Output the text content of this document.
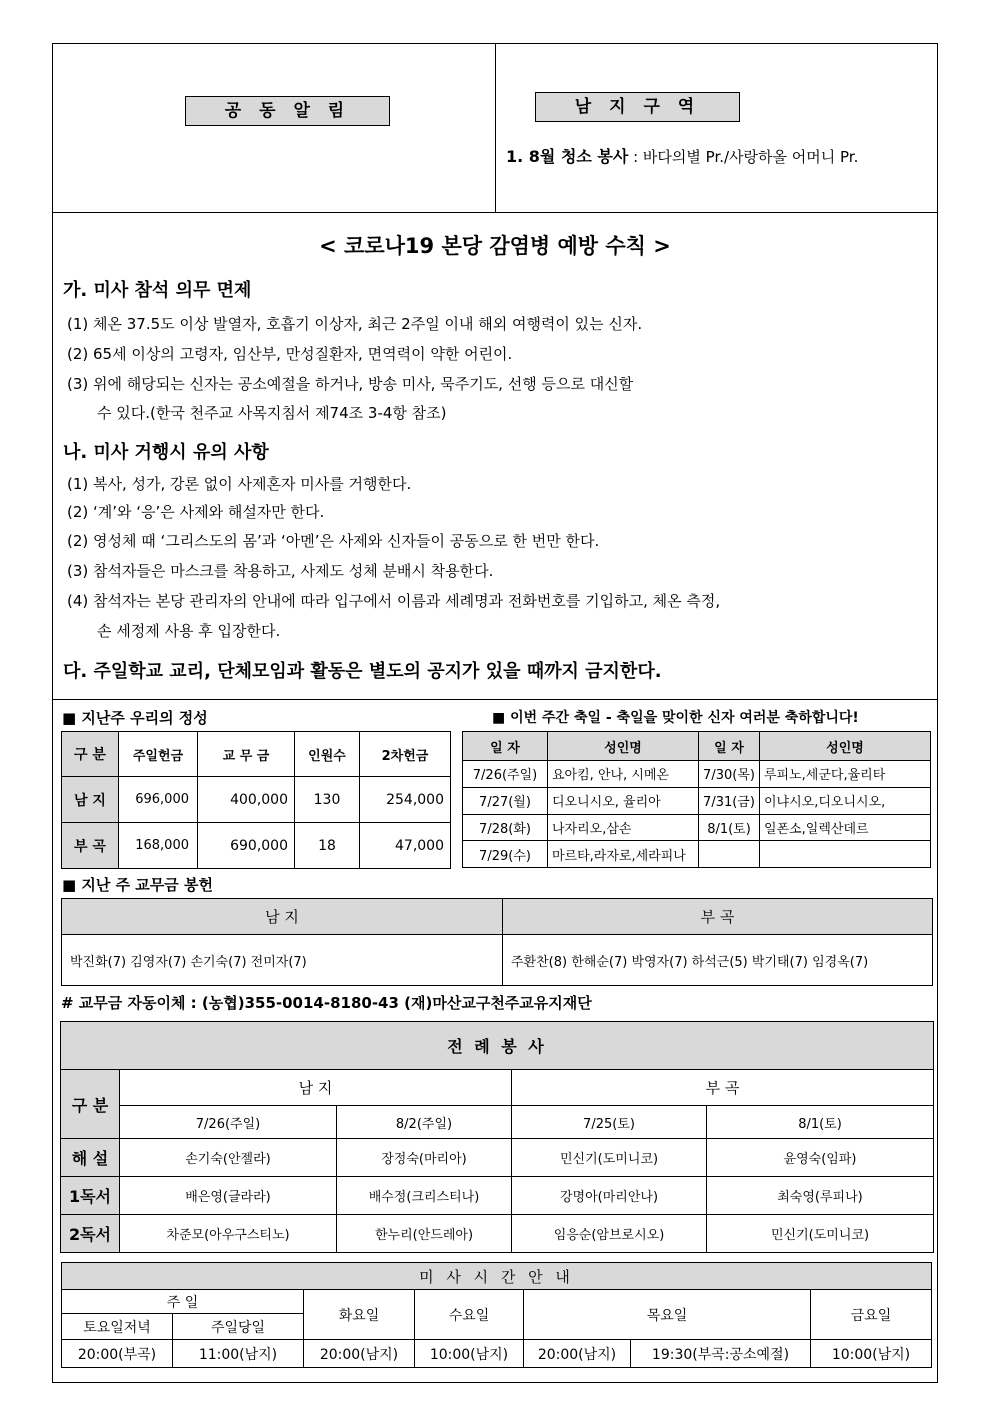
공 동 알 림	남 지 구 역
1. 8월 청소 봉사 : 바다의별 Pr./사랑하올 어머니 Pr.
< 코로나19 본당 감염병 예방 수칙 >
가. 미사 참석 의무 면제
(1) 체온 37.5도 이상 발열자, 호흡기 이상자, 최근 2주일 이내 해외 여행력이 있는 신자.
(2) 65세 이상의 고령자, 임산부, 만성질환자, 면역력이 약한 어린이.
(3) 위에 해당되는 신자는 공소예절을 하거나, 방송 미사, 묵주기도, 선행 등으로 대신할
수 있다.(한국 천주교 사목지침서 제74조 3-4항 참조)
나. 미사 거행시 유의 사항
(1) 복사, 성가, 강론 없이 사제혼자 미사를 거행한다.
(2) ‘계’와 ‘응’은 사제와 해설자만 한다.
(2) 영성체 때 ‘그리스도의 몸’과 ‘아멘’은 사제와 신자들이 공동으로 한 번만 한다.
(3) 참석자들은 마스크를 착용하고, 사제도 성체 분배시 착용한다.
(4) 참석자는 본당 관리자의 안내에 따라 입구에서 이름과 세례명과 전화번호를 기입하고, 체온 측정,
손 세정제 사용 후 입장한다.
다. 주일학교 교리, 단체모임과 활동은 별도의 공지가 있을 때까지 금지한다.
■ 지난주 우리의 정성
구 분	주일헌금	교 무 금	인원수	2차헌금
남 지	696,000	400,000	130	254,000
부 곡	168,000	690,000	18	47,000
■ 이번 주간 축일 - 축일을 맞이한 신자 여러분 축하합니다!
일 자	성인명	일 자	성인명
7/26(주일)	요아킴, 안나, 시메온	7/30(목)	루피노,세군다,율리타
7/27(월)	디오니시오, 율리아	7/31(금)	이냐시오,디오니시오,
7/28(화)	나자리오,삼손	8/1(토)	일폰소,일렉산데르
7/29(수)	마르타,라자로,세라피나		
■ 지난 주 교무금 봉헌
남 지	부 곡
박진화(7) 김영자(7) 손기숙(7) 전미자(7)	주환찬(8) 한해순(7) 박영자(7) 하석근(5) 박기태(7) 임경옥(7)
# 교무금 자동이체 : (농협)355-0014-8180-43 (재)마산교구천주교유지재단
전 례 봉 사				
구 분	남 지		부 곡	
	7/26(주일)	8/2(주일)	7/25(토)	8/1(토)
해 설	손기숙(안젤라)	장정숙(마리아)	민신기(도미니코)	윤영숙(임파)
1독서	배은영(글라라)	배수정(크리스티나)	강명아(마리안나)	최숙영(루피나)
2독서	차준모(아우구스티노)	한누리(안드레아)	임응순(암브로시오)	민신기(도미니코)
미 사 시 간 안 내						
주 일		화요일	수요일	목요일		금요일
토요일저녁	주일당일					
20:00(부곡)	11:00(남지)	20:00(남지)	10:00(남지)	20:00(남지)	19:30(부곡:공소예절)	10:00(남지)
